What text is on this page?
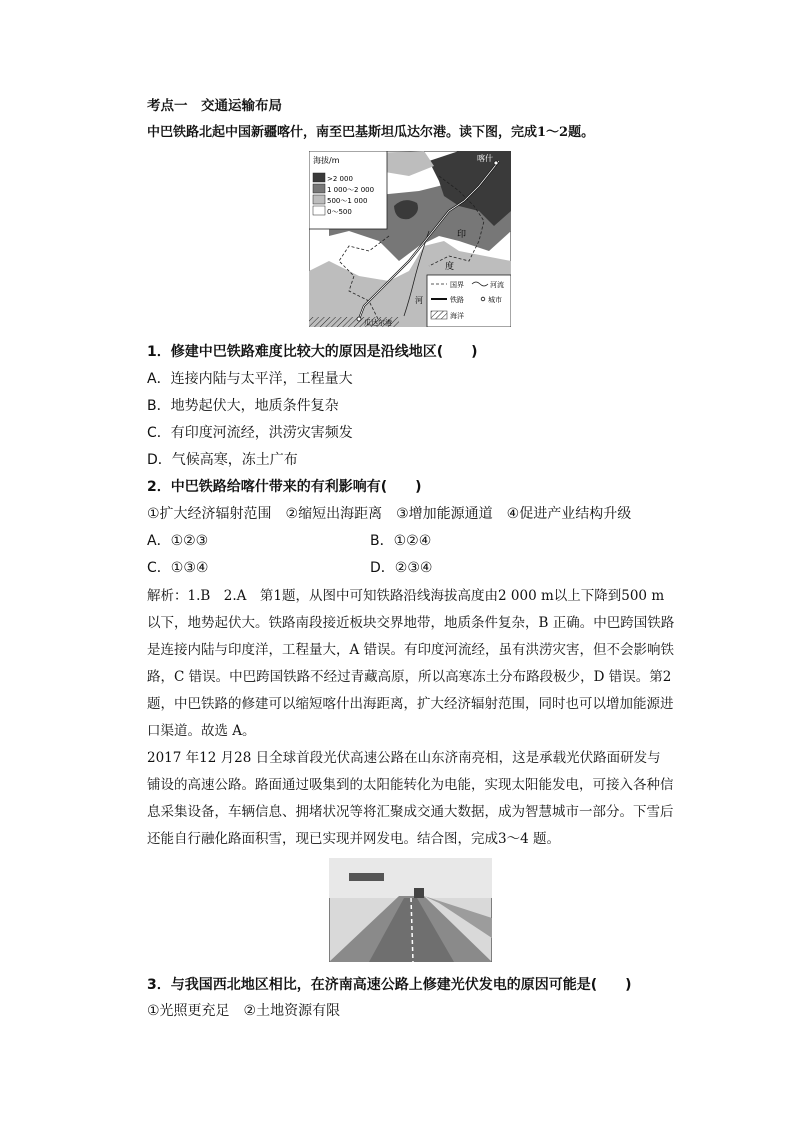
考点一　交通运输布局
中巴铁路北起中国新疆喀什，南至巴基斯坦瓜达尔港。读下图，完成1～2题。
海拔/m
>2 000
1 000～2 000
500～1 000
0～500
喀什
印
度
河
瓜达尔港
国界	河流
铁路	城市
海洋
1．修建中巴铁路难度比较大的原因是沿线地区(　　)
A．连接内陆与太平洋，工程量大
B．地势起伏大，地质条件复杂
C．有印度河流经，洪涝灾害频发
D．气候高寒，冻土广布
2．中巴铁路给喀什带来的有利影响有(　　)
①扩大经济辐射范围　②缩短出海距离　③增加能源通道　④促进产业结构升级
A．①②③	B．①②④
C．①③④	D．②③④
解析：1.B　2.A　第1题，从图中可知铁路沿线海拔高度由2 000 m以上下降到500 m
以下，地势起伏大。铁路南段接近板块交界地带，地质条件复杂，B 正确。中巴跨国铁路
是连接内陆与印度洋，工程量大，A 错误。有印度河流经，虽有洪涝灾害，但不会影响铁
路，C 错误。中巴跨国铁路不经过青藏高原，所以高寒冻土分布路段极少，D 错误。第2
题，中巴铁路的修建可以缩短喀什出海距离，扩大经济辐射范围，同时也可以增加能源进
口渠道。故选 A。
2017 年12 月28 日全球首段光伏高速公路在山东济南亮相，这是承载光伏路面研发与
铺设的高速公路。路面通过吸集到的太阳能转化为电能，实现太阳能发电，可接入各种信
息采集设备，车辆信息、拥堵状况等将汇聚成交通大数据，成为智慧城市一部分。下雪后
还能自行融化路面积雪，现已实现并网发电。结合图，完成3～4 题。
3．与我国西北地区相比，在济南高速公路上修建光伏发电的原因可能是(　　)
①光照更充足　②土地资源有限
